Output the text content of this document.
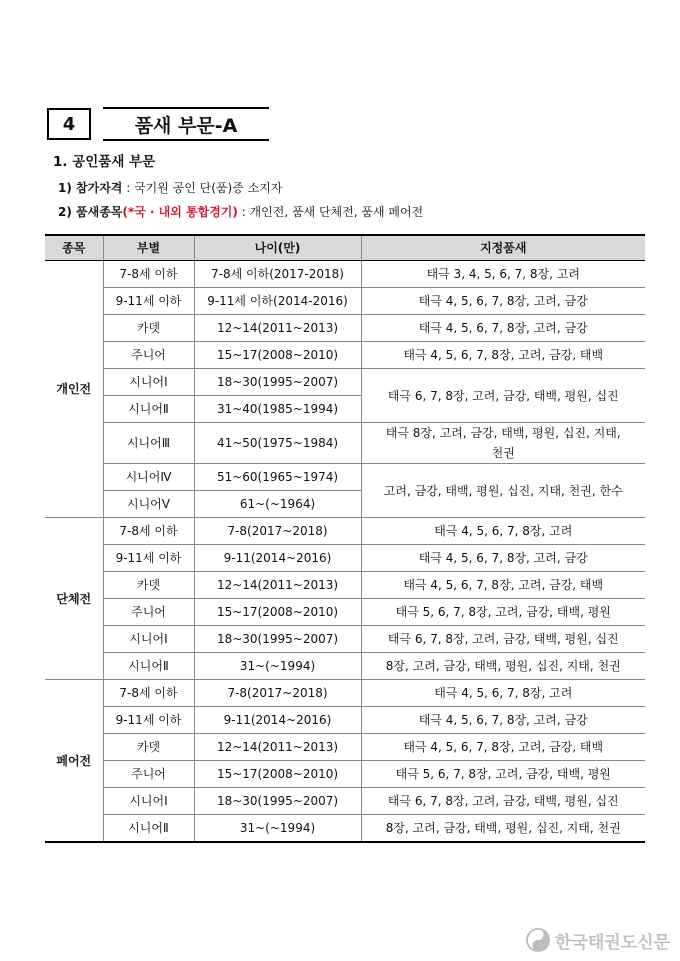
4	품새 부문-A
1. 공인품새 부문
1) 참가자격 : 국기원 공인 단(품)증 소지자
2) 품새종목(*국 · 내외 통합경기) : 개인전, 품새 단체전, 품새 페어전
종목	부별	나이(만)	지정품새
개인전	7-8세 이하	7-8세 이하(2017-2018)	태극 3, 4, 5, 6, 7, 8장, 고려
	9-11세 이하	9-11세 이하(2014-2016)	태극 4, 5, 6, 7, 8장, 고려, 금강
	카뎃	12~14(2011~2013)	태극 4, 5, 6, 7, 8장, 고려, 금강
	주니어	15~17(2008~2010)	태극 4, 5, 6, 7, 8장, 고려, 금강, 태백
	시니어Ⅰ	18~30(1995~2007)	태극 6, 7, 8장, 고려, 금강, 태백, 평원, 십진
	시니어Ⅱ	31~40(1985~1994)	
	시니어Ⅲ	41~50(1975~1984)	태극 8장, 고려, 금강, 태백, 평원, 십진, 지태,
천권
	시니어Ⅳ	51~60(1965~1974)	고려, 금강, 태백, 평원, 십진, 지태, 천권, 한수
	시니어Ⅴ	61~(~1964)	
단체전	7-8세 이하	7-8(2017~2018)	태극 4, 5, 6, 7, 8장, 고려
	9-11세 이하	9-11(2014~2016)	태극 4, 5, 6, 7, 8장, 고려, 금강
	카뎃	12~14(2011~2013)	태극 4, 5, 6, 7, 8장, 고려, 금강, 태백
	주니어	15~17(2008~2010)	태극 5, 6, 7, 8장, 고려, 금강, 태백, 평원
	시니어Ⅰ	18~30(1995~2007)	태극 6, 7, 8장, 고려, 금강, 태백, 평원, 십진
	시니어Ⅱ	31~(~1994)	8장, 고려, 금강, 태백, 평원, 십진, 지태, 천권
페어전	7-8세 이하	7-8(2017~2018)	태극 4, 5, 6, 7, 8장, 고려
	9-11세 이하	9-11(2014~2016)	태극 4, 5, 6, 7, 8장, 고려, 금강
	카뎃	12~14(2011~2013)	태극 4, 5, 6, 7, 8장, 고려, 금강, 태백
	주니어	15~17(2008~2010)	태극 5, 6, 7, 8장, 고려, 금강, 태백, 평원
	시니어Ⅰ	18~30(1995~2007)	태극 6, 7, 8장, 고려, 금강, 태백, 평원, 십진
	시니어Ⅱ	31~(~1994)	8장, 고려, 금강, 태백, 평원, 십진, 지태, 천권
한국태권도신문
